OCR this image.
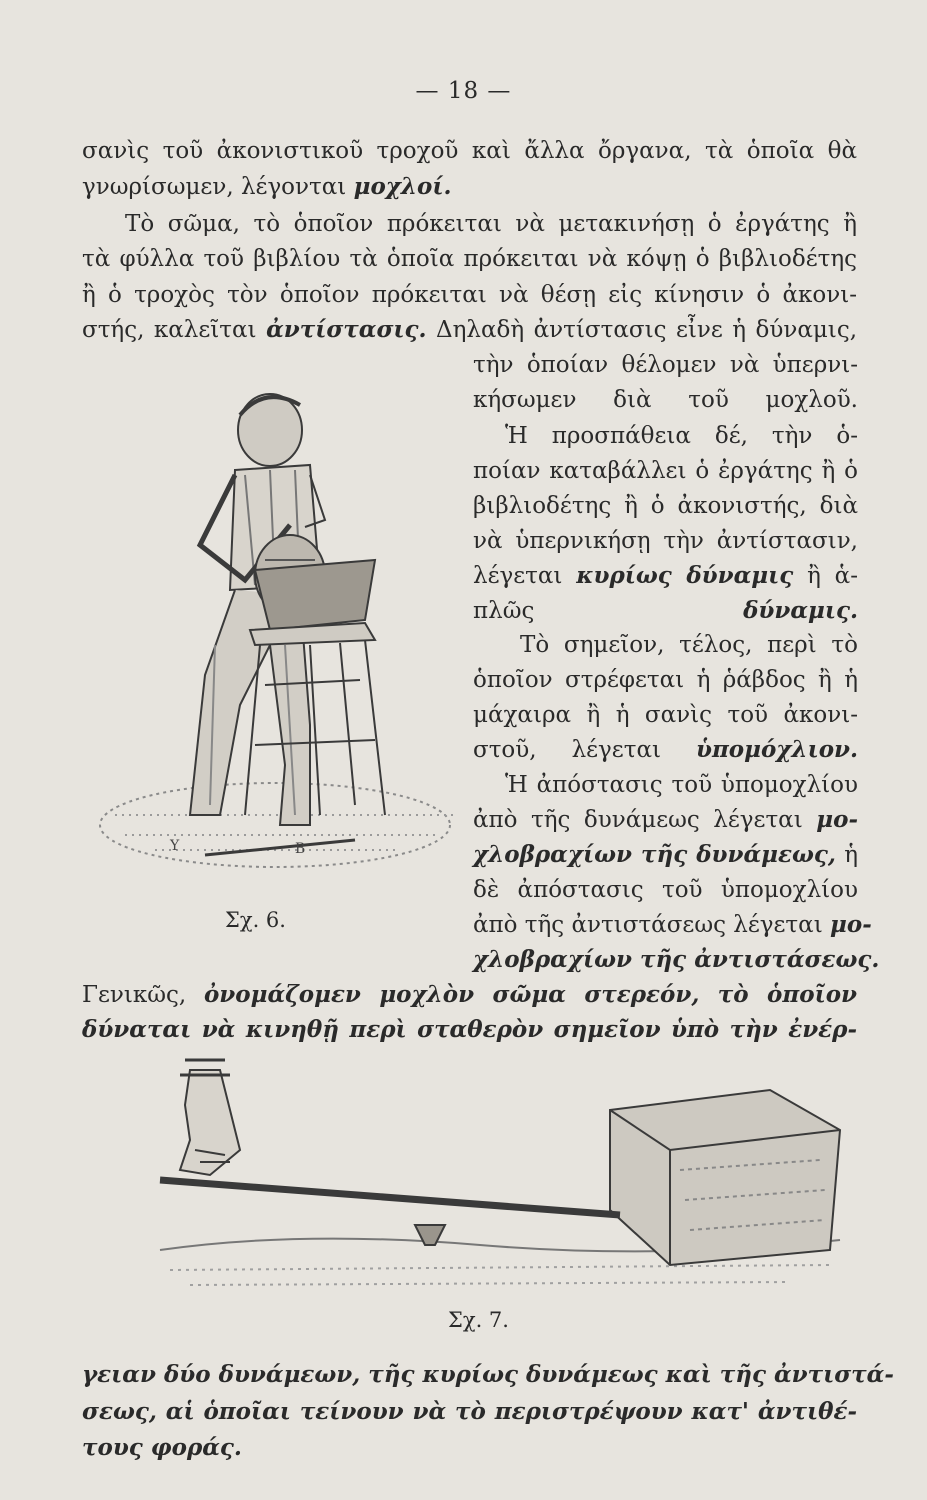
— 18 —
σανὶς τοῦ ἀκονιστικοῦ τροχοῦ καὶ ἄλλα ὄργανα, τὰ ὁποῖα θὰ
γνωρίσωμεν, λέγονται μοχλοί.
Τὸ σῶμα, τὸ ὁποῖον πρόκειται νὰ μετακινήσῃ ὁ ἐργάτης ἢ
τὰ φύλλα τοῦ βιβλίου τὰ ὁποῖα πρόκειται νὰ κόψῃ ὁ βιβλιοδέτης
ἢ ὁ τροχὸς τὸν ὁποῖον πρόκειται νὰ θέσῃ εἰς κίνησιν ὁ ἀκονι-
στής, καλεῖται ἀντίστασις. Δηλαδὴ ἀντίστασις εἶνε ἡ δύναμις,
τὴν ὁποίαν θέλομεν νὰ ὑπερνι-
κήσωμεν διὰ τοῦ μοχλοῦ.
Ἡ προσπάθεια δέ, τὴν ὁ-
ποίαν καταβάλλει ὁ ἐργάτης ἢ ὁ
βιβλιοδέτης ἢ ὁ ἀκονιστής, διὰ
νὰ ὑπερνικήσῃ τὴν ἀντίστασιν,
λέγεται κυρίως δύναμις ἢ ἁ-
πλῶς	δύναμις.
Τὸ σημεῖον, τέλος, περὶ τὸ
ὁποῖον στρέφεται ἡ ῥάβδος ἢ ἡ
μάχαιρα ἢ ἡ σανὶς τοῦ ἀκονι-
στοῦ, λέγεται ὑπομόχλιον.
Ἡ ἀπόστασις τοῦ ὑπομοχλίου
ἀπὸ τῆς δυνάμεως λέγεται μο-
χλοβραχίων τῆς δυνάμεως, ἡ
δὲ ἀπόστασις τοῦ ὑπομοχλίου
ἀπὸ τῆς ἀντιστάσεως λέγεται μο-
χλοβραχίων τῆς ἀντιστάσεως.
Y	B
Σχ. 6.
Γενικῶς, ὀνομάζομεν μοχλὸν σῶμα στερεόν, τὸ ὁποῖον
δύναται νὰ κινηθῇ περὶ σταθερὸν σημεῖον ὑπὸ τὴν ἐνέρ-
Σχ. 7.
γειαν δύο δυνάμεων, τῆς κυρίως δυνάμεως καὶ τῆς ἀντιστά-
σεως, αἱ ὁποῖαι τείνουν νὰ τὸ περιστρέψουν κατ' ἀντιθέ-
τους φοράς.
